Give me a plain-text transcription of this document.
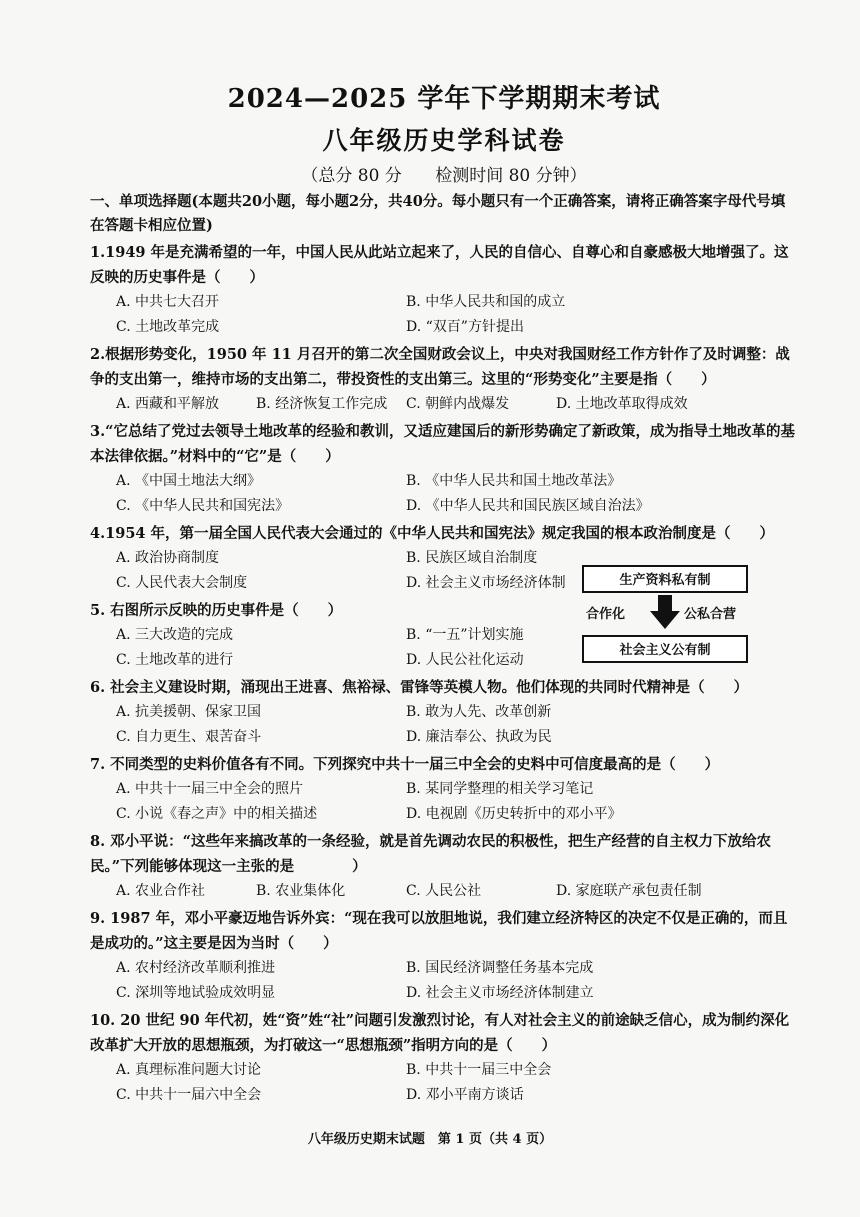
2024—2025 学年下学期期末考试
八年级历史学科试卷
（总分 80 分 检测时间 80 分钟）
一、单项选择题(本题共20小题，每小题2分，共40分。每小题只有一个正确答案，请将正确答案字母代号填在答题卡相应位置)
1.1949 年是充满希望的一年，中国人民从此站立起来了，人民的自信心、自尊心和自豪感极大地增强了。这反映的历史事件是（　　）
A. 中共七大召开	B. 中华人民共和国的成立
C. 土地改革完成	D. “双百”方针提出
2.根据形势变化，1950 年 11 月召开的第二次全国财政会议上，中央对我国财经工作方针作了及时调整：战争的支出第一，维持市场的支出第二，带投资性的支出第三。这里的“形势变化”主要是指（　　）
A. 西藏和平解放	B. 经济恢复工作完成	C. 朝鲜内战爆发	D. 土地改革取得成效
3.“它总结了党过去领导土地改革的经验和教训，又适应建国后的新形势确定了新政策，成为指导土地改革的基本法律依据。”材料中的“它”是（　　）
A. 《中国土地法大纲》	B. 《中华人民共和国土地改革法》
C. 《中华人民共和国宪法》	D. 《中华人民共和国民族区域自治法》
4.1954 年，第一届全国人民代表大会通过的《中华人民共和国宪法》规定我国的根本政治制度是（　　）
A. 政治协商制度	B. 民族区域自治制度
C. 人民代表大会制度	D. 社会主义市场经济体制
5. 右图所示反映的历史事件是（　　）
A. 三大改造的完成	B. “一五”计划实施
C. 土地改革的进行	D. 人民公社化运动
6. 社会主义建设时期，涌现出王进喜、焦裕禄、雷锋等英模人物。他们体现的共同时代精神是（　　）
A. 抗美援朝、保家卫国	B. 敢为人先、改革创新
C. 自力更生、艰苦奋斗	D. 廉洁奉公、执政为民
7. 不同类型的史料价值各有不同。下列探究中共十一届三中全会的史料中可信度最高的是（　　）
A. 中共十一届三中全会的照片	B. 某同学整理的相关学习笔记
C. 小说《春之声》中的相关描述	D. 电视剧《历史转折中的邓小平》
8. 邓小平说：“这些年来搞改革的一条经验，就是首先调动农民的积极性，把生产经营的自主权力下放给农民。”下列能够体现这一主张的是　　　　）
A. 农业合作社	B. 农业集体化	C. 人民公社	D. 家庭联产承包责任制
9. 1987 年，邓小平豪迈地告诉外宾：“现在我可以放胆地说，我们建立经济特区的决定不仅是正确的，而且是成功的。”这主要是因为当时（　　）
A. 农村经济改革顺利推进	B. 国民经济调整任务基本完成
C. 深圳等地试验成效明显	D. 社会主义市场经济体制建立
10. 20 世纪 90 年代初，姓“资”姓“社”问题引发激烈讨论，有人对社会主义的前途缺乏信心，成为制约深化改革扩大开放的思想瓶颈，为打破这一“思想瓶颈”指明方向的是（　　）
A. 真理标准问题大讨论	B. 中共十一届三中全会
C. 中共十一届六中全会	D. 邓小平南方谈话
生产资料私有制
合作化	公私合营
社会主义公有制
八年级历史期末试题　第 1 页（共 4 页）
